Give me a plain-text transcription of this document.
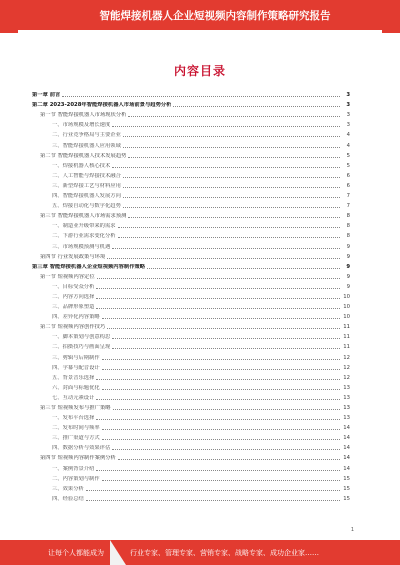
智能焊接机器人企业短视频内容制作策略研究报告
内容目录
第一章 前言	3
第二章 2023-2028年智能焊接机器人市场前景与趋势分析	3
第一节 智能焊接机器人市场现状分析	3
一、市场规模及增长速度	3
二、行业竞争格局与主要企业	4
三、智能焊接机器人应用领域	4
第二节 智能焊接机器人技术发展趋势	5
一、焊接机器人核心技术	5
二、人工智能与焊接技术融合	6
三、新型焊接工艺与材料应用	6
四、智能焊接机器人发展方向	7
五、焊接自动化与数字化趋势	7
第三节 智能焊接机器人市场需求预测	8
一、制造业升级带来的需求	8
二、下游行业需求变化分析	8
三、市场规模预测与机遇	9
第四节 行业发展政策与环境	9
第三章 智能焊接机器人企业短视频内容制作策略	9
第一节 短视频内容定位	9
一、目标受众分析	9
二、内容方向选择	10
三、品牌形象塑造	10
四、差异化内容策略	10
第二节 短视频内容创作技巧	11
一、脚本策划与创意构思	11
二、拍摄技巧与画面呈现	11
三、剪辑与后期制作	12
四、字幕与配音设计	12
五、背景音乐选择	12
六、封面与标题优化	13
七、互动元素设计	13
第三节 短视频发布与推广策略	13
一、发布平台选择	13
二、发布时间与频率	14
三、推广渠道与方式	14
四、数据分析与效果评估	14
第四节 短视频内容制作案例分析	14
一、案例背景介绍	14
二、内容策划与制作	15
三、效果分析	15
四、经验总结	15
1
让每个人都能成为	行业专家、管理专家、营销专家、战略专家、成功企业家……
